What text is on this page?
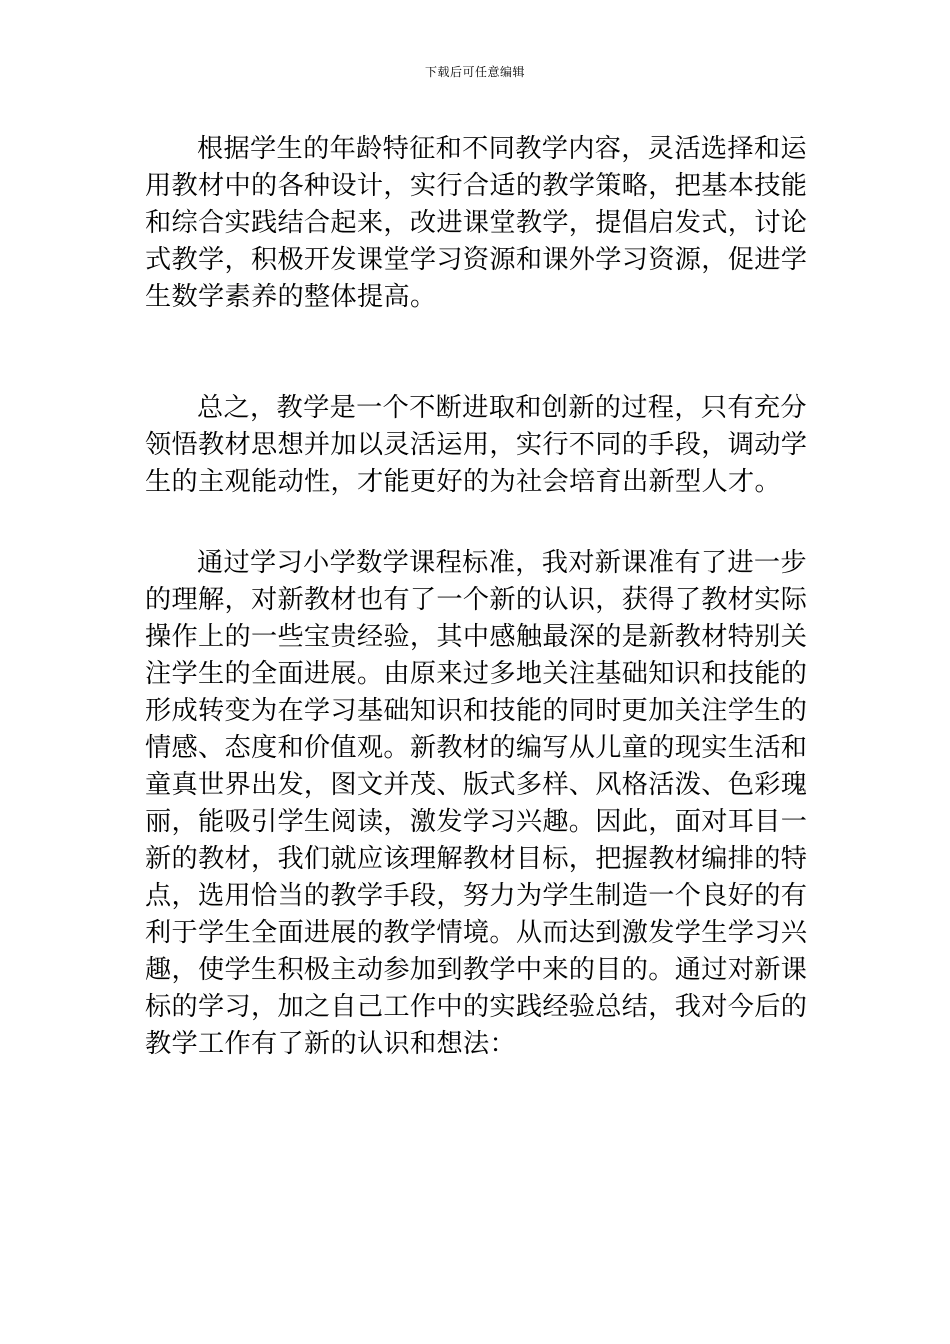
下载后可任意编辑
根据学生的年龄特征和不同教学内容，灵活选择和运
用教材中的各种设计，实行合适的教学策略，把基本技能
和综合实践结合起来，改进课堂教学，提倡启发式，讨论
式教学，积极开发课堂学习资源和课外学习资源，促进学
生数学素养的整体提高。
总之，教学是一个不断进取和创新的过程，只有充分
领悟教材思想并加以灵活运用，实行不同的手段，调动学
生的主观能动性，才能更好的为社会培育出新型人才。
通过学习小学数学课程标准，我对新课准有了进一步
的理解，对新教材也有了一个新的认识，获得了教材实际
操作上的一些宝贵经验，其中感触最深的是新教材特别关
注学生的全面进展。由原来过多地关注基础知识和技能的
形成转变为在学习基础知识和技能的同时更加关注学生的
情感、态度和价值观。新教材的编写从儿童的现实生活和
童真世界出发，图文并茂、版式多样、风格活泼、色彩瑰
丽，能吸引学生阅读，激发学习兴趣。因此，面对耳目一
新的教材，我们就应该理解教材目标，把握教材编排的特
点，选用恰当的教学手段，努力为学生制造一个良好的有
利于学生全面进展的教学情境。从而达到激发学生学习兴
趣，使学生积极主动参加到教学中来的目的。通过对新课
标的学习，加之自己工作中的实践经验总结，我对今后的
教学工作有了新的认识和想法：
